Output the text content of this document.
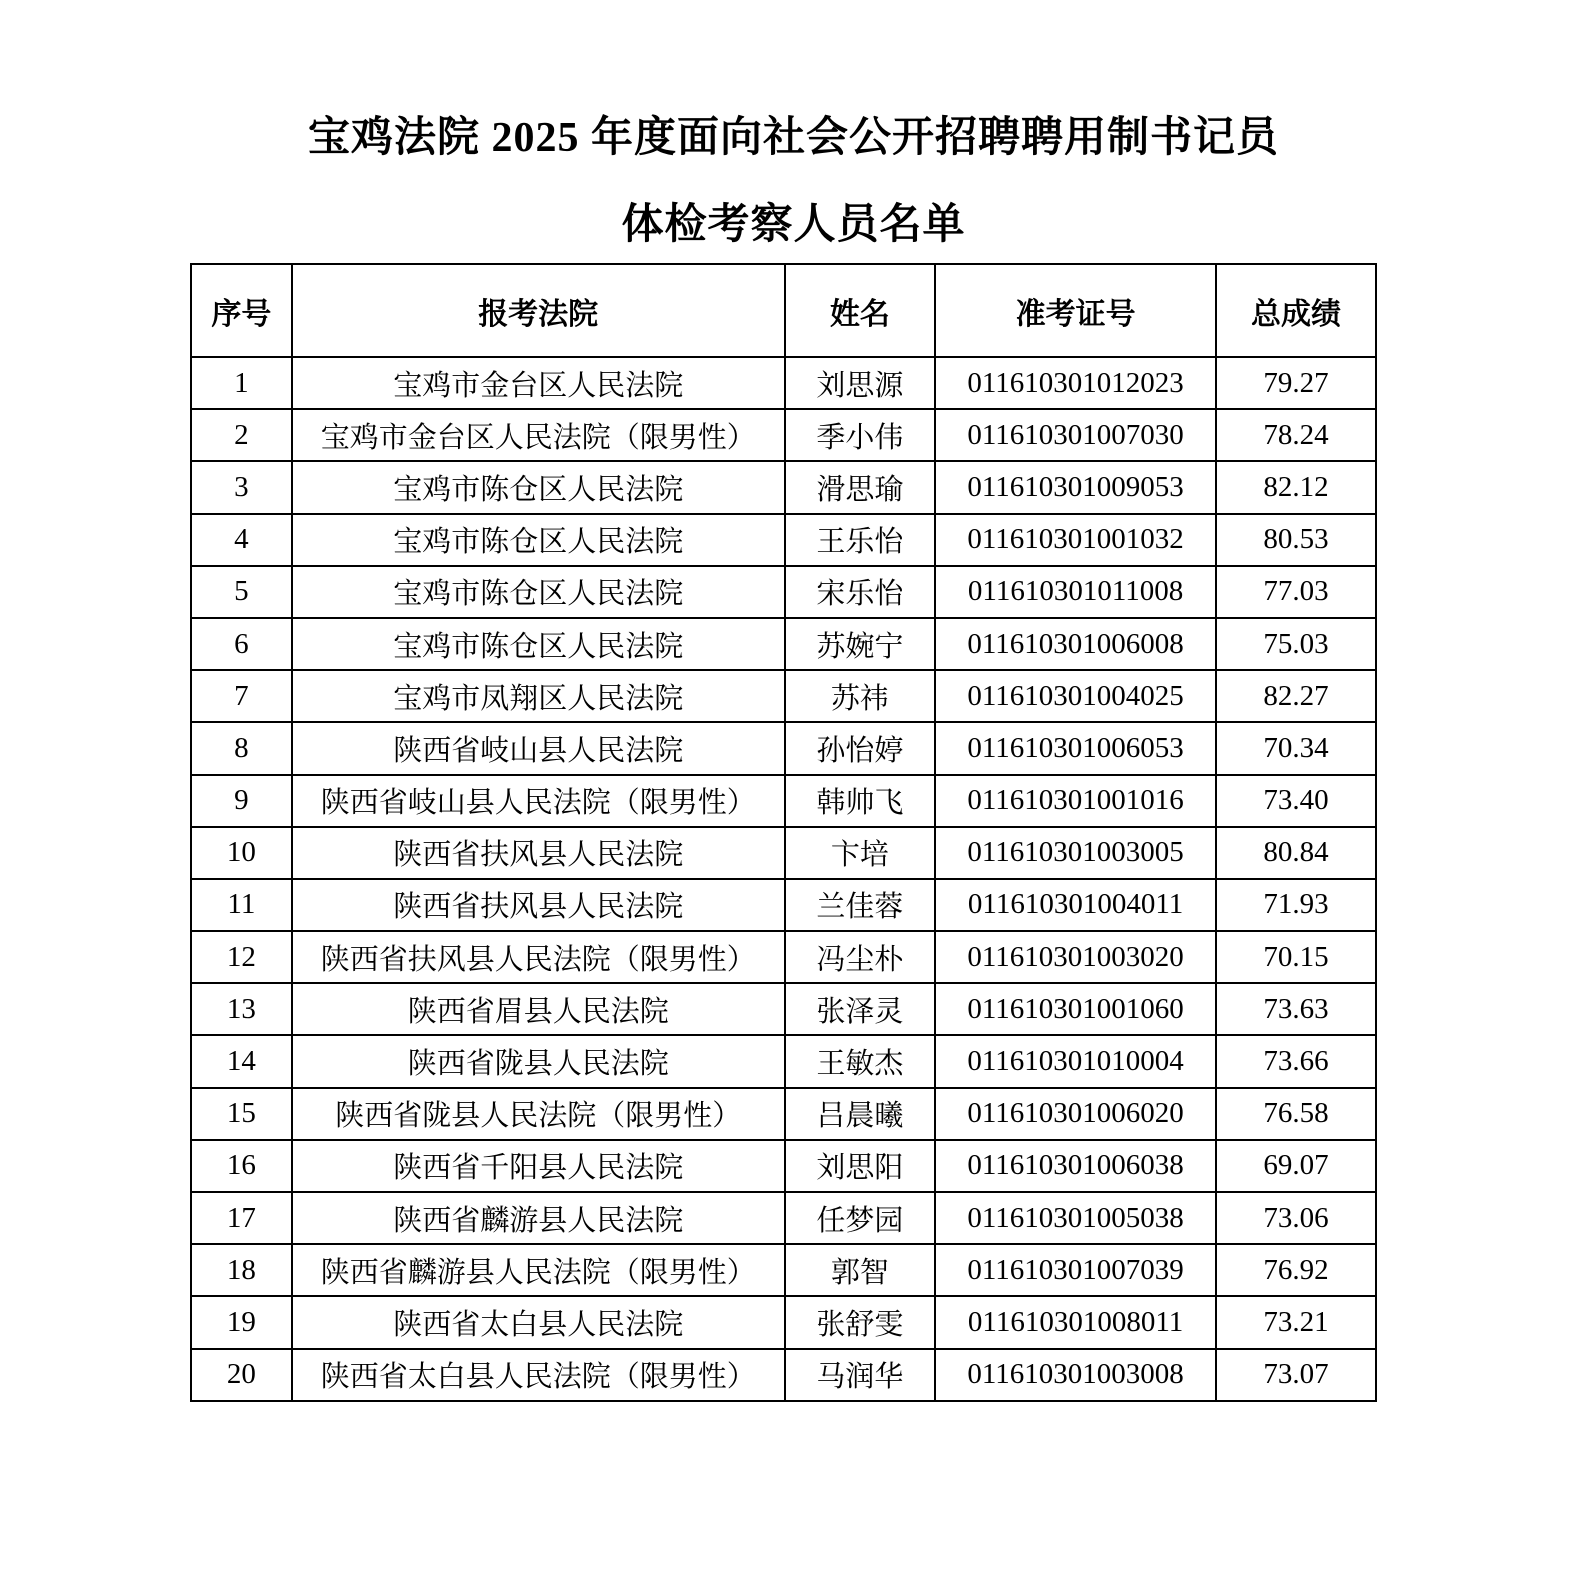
宝鸡法院 2025 年度面向社会公开招聘聘用制书记员
体检考察人员名单
序号	报考法院	姓名	准考证号	总成绩
1	宝鸡市金台区人民法院	刘思源	011610301012023	79.27
2	宝鸡市金台区人民法院（限男性）	季小伟	011610301007030	78.24
3	宝鸡市陈仓区人民法院	滑思瑜	011610301009053	82.12
4	宝鸡市陈仓区人民法院	王乐怡	011610301001032	80.53
5	宝鸡市陈仓区人民法院	宋乐怡	011610301011008	77.03
6	宝鸡市陈仓区人民法院	苏婉宁	011610301006008	75.03
7	宝鸡市凤翔区人民法院	苏祎	011610301004025	82.27
8	陕西省岐山县人民法院	孙怡婷	011610301006053	70.34
9	陕西省岐山县人民法院（限男性）	韩帅飞	011610301001016	73.40
10	陕西省扶风县人民法院	卞培	011610301003005	80.84
11	陕西省扶风县人民法院	兰佳蓉	011610301004011	71.93
12	陕西省扶风县人民法院（限男性）	冯尘朴	011610301003020	70.15
13	陕西省眉县人民法院	张泽灵	011610301001060	73.63
14	陕西省陇县人民法院	王敏杰	011610301010004	73.66
15	陕西省陇县人民法院（限男性）	吕晨曦	011610301006020	76.58
16	陕西省千阳县人民法院	刘思阳	011610301006038	69.07
17	陕西省麟游县人民法院	任梦园	011610301005038	73.06
18	陕西省麟游县人民法院（限男性）	郭智	011610301007039	76.92
19	陕西省太白县人民法院	张舒雯	011610301008011	73.21
20	陕西省太白县人民法院（限男性）	马润华	011610301003008	73.07
